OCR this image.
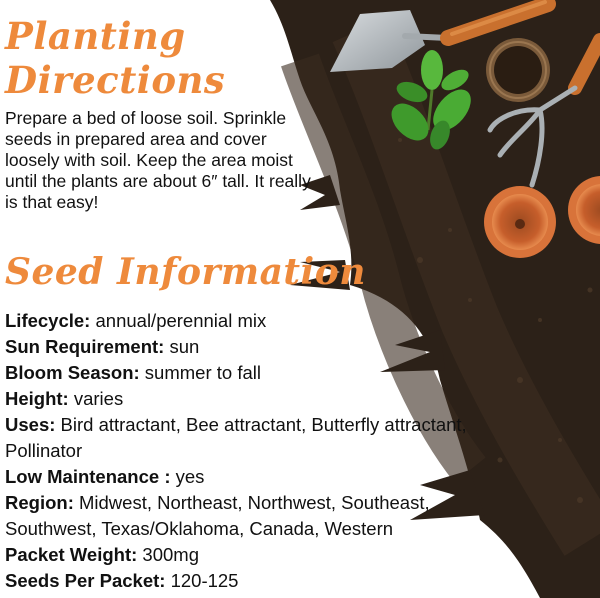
Planting
Directions

Prepare a bed of loose soil. Sprinkle seeds in prepared area and cover loosely with soil. Keep the area moist until the plants are about 6″ tall. It really is that easy!

Seed Information
Lifecycle: annual/perennial mix
Sun Requirement: sun
Bloom Season: summer to fall
Height: varies
Uses: Bird attractant, Bee attractant, Butterfly attractant, Pollinator
Low Maintenance : yes
Region: Midwest, Northeast, Northwest, Southeast, Southwest, Texas/Oklahoma, Canada, Western
Packet Weight: 300mg
Seeds Per Packet: 120-125
